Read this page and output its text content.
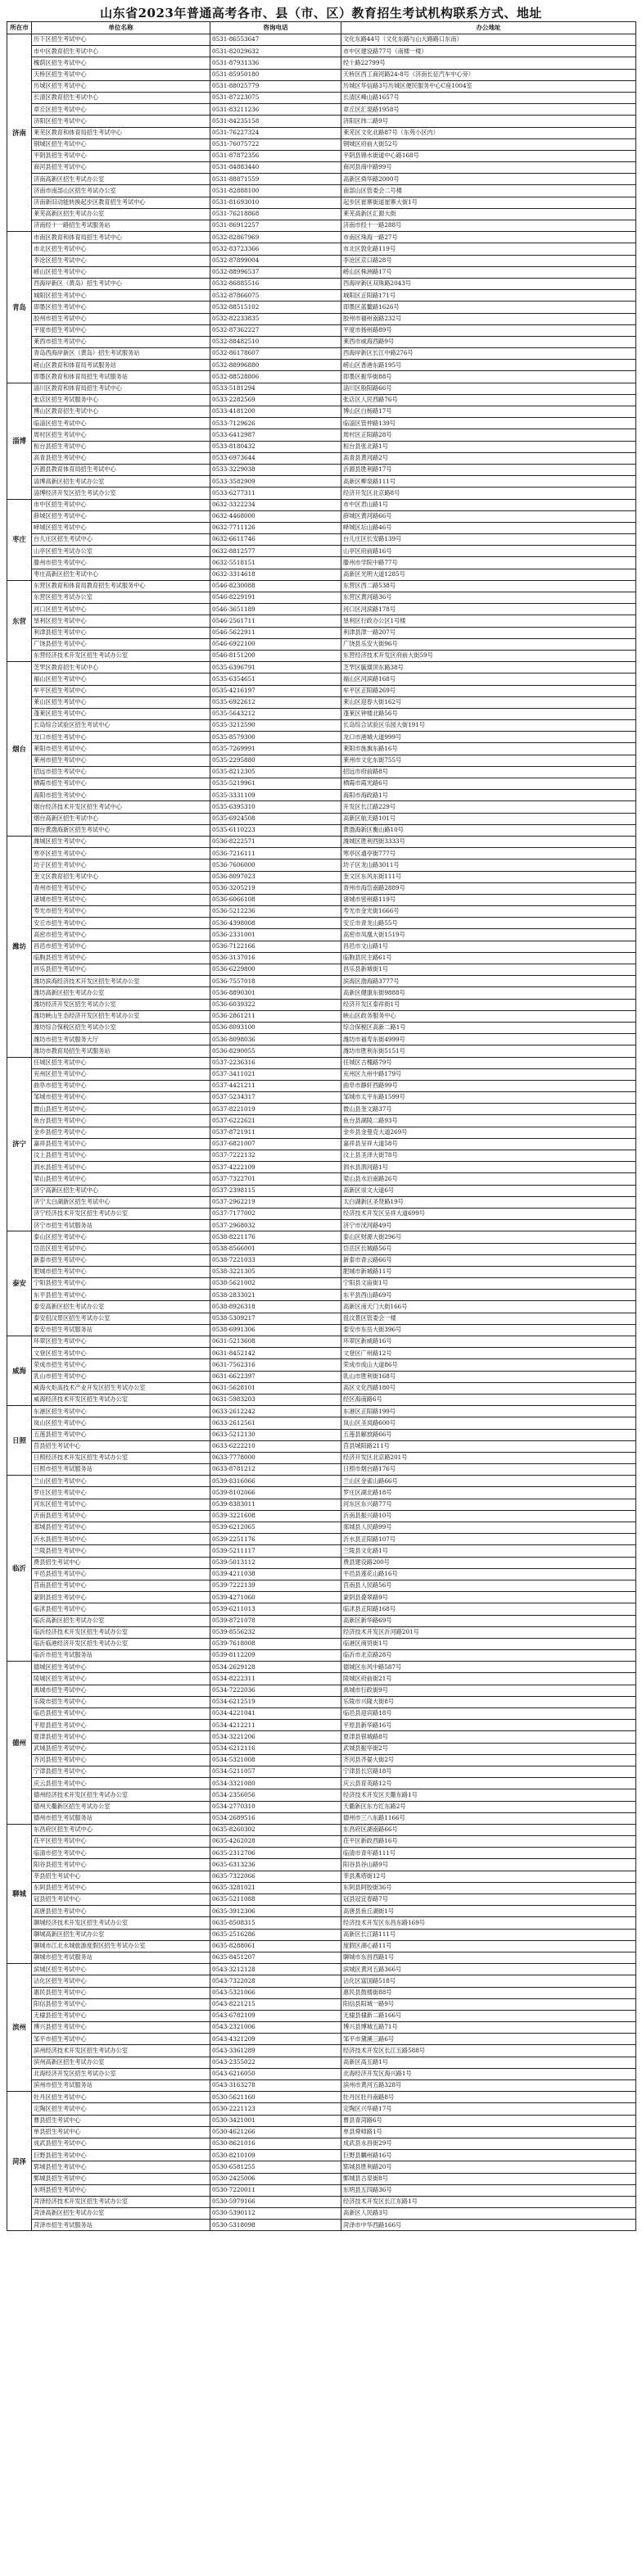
山东省2023年普通高考各市、县（市、区）教育招生考试机构联系方式、地址
所在市	单位名称	咨询电话	办公地址
济南	历下区招生考试中心	0531-86553647	文化东路44号（文化东路与山大路路口东南）
	市中区教育招生考试中心	0531-82029632	市中区建设路77号（南楼一楼）
	槐荫区招生考试中心	0531-87931336	经十路22799号
	天桥区招生考试中心	0531-85950180	天桥区西工商河路24-8号（济南长征汽车中心旁）
	历城区招生考试中心	0531-88025779	历城区华信路3号历城区便民服务中心C座1004室
	长清区教育招生考试中心	0531-87223075	长清区峰山路1657号
	章丘区招生考试中心	0531-83211236	章丘区汇泉路1958号
	济阳区招生考试中心	0531-84235158	济阳区纬二路9号
	莱芜区教育和体育局招生考试中心	0531-76227324	莱芜区文化北路87号（东苑小区内）
	钢城区招生考试中心	0531-76075722	钢城区府前大街52号
	平阴县招生考试中心	0531-87872356	平阴县锦水街道中心路168号
	商河县招生考试中心	0531-84883440	商河县商中路99号
	济南高新区招生考试办公室	0531-88871559	高新区舜华路2000号
	济南市南部山区招生考试办公室	0531-82888100	南部山区管委会二号楼
	济南新旧动能转换起步区教育招生考试中心	0531-81693010	起步区崔寨街道崔寨大街1号
	莱芜高新区招生考试办公室	0531-76218868	莱芜高新区汇源大街
	济南经十一路招生考试服务站	0531-86912257	济南市经十一路288号
青岛	市南区教育和体育局招生考试中心	0532-82867969	市南区珠海一路27号
	市北区招生考试中心	0532-83723366	市北区敦化路119号
	李沧区招生考试中心	0532-87899004	李沧区京口路28号
	崂山区招生考试中心	0532-88996537	崂山区株洲路17号
	西海岸新区（黄岛）招生考试中心	0532-86885516	西海岸新区双珠路2043号
	城阳区招生考试中心	0532-87866075	城阳区正阳路171号
	即墨区招生考试中心	0532-88515102	即墨区蓝鳌路1626号
	胶州市招生考试中心	0532-82233835	胶州市福州南路232号
	平度市招生考试中心	0532-87362227	平度市扬州路89号
	莱西市招生考试中心	0532-88482510	莱西市威海西路9号
	青岛西海岸新区（黄岛）招生考试服务站	0532-86178607	西海岸新区长江中路276号
	崂山区教育和体育局考试服务站	0532-88996880	崂山区香港东路195号
	即墨区教育和体育局招生考试服务站	0532-88528806	即墨区振华街88号
淄博	淄川区教育和体育局招生考试中心	0533-5181294	淄川区般阳路66号
	张店区招生考试服务中心	0533-2282569	张店区人民西路76号
	博山区教育招生考试中心	0533-4181200	博山区白杨路17号
	临淄区招生考试中心	0533-7129626	临淄区管仲路139号
	周村区招生考试中心	0533-6412987	周村区正阳路28号
	桓台县招生考试中心	0533-8180432	桓台县张北路1号
	高青县招生考试中心	0533-6973644	高青县黄河路2号
	沂源县教育体育局招生考试中心	0533-3229038	沂源县胜利路17号
	淄博高新区招生考试办公室	0533-3582909	高新区柳泉路111号
	淄博经济开发区招生考试办公室	0533-6277311	经济开发区北京路8号
枣庄	市中区招生考试中心	0632-3322234	市中区君山路1号
	薛城区招生考试中心	0632-4468000	薛城区黄河路66号
	峄城区招生考试中心	0632-7711126	峄城区坛山路46号
	台儿庄区招生考试中心	0632-6611746	台儿庄区长安路139号
	山亭区招生考试办公室	0632-8812577	山亭区府前路16号
	滕州市招生考试中心	0632-5518151	滕州市学院中路77号
	枣庄高新区招生考试中心	0632-3314618	高新区光明大道1285号
东营	东营区教育和体育局教育招生考试服务中心	0546-8230088	东营区西二路538号
	东营区招生考试办公室	0546-8229191	东营区黄河路36号
	河口区招生考试中心	0546-3651189	河口区河滨路178号
	垦利区招生考试中心	0546-2561711	垦利区行政办公区1号楼
	利津县招生考试中心	0546-5622911	利津县津一路207号
	广饶县招生考试中心	0546-6922100	广饶县乐安大街96号
	东营经济技术开发区招生考试办公室	0546-8151200	东营经济技术开发区府前大街59号
烟台	芝罘区教育招生考试中心	0535-6396791	芝罘区毓璜顶东路38号
	福山区招生考试中心	0535-6354651	福山区河滨路168号
	牟平区招生考试中心	0535-4216197	牟平区正阳路269号
	莱山区招生考试中心	0535-6922612	莱山区迎春大街162号
	蓬莱区招生考试中心	0535-5643212	蓬莱区钟楼北路56号
	长岛综合试验区招生考试中心	0535-3212590	长岛综合试验区乐园大街191号
	龙口市招生考试中心	0535-8579300	龙口市港城大道999号
	莱阳市招生考试中心	0535-7269991	莱阳市旌旗东路16号
	莱州市招生考试中心	0535-2295880	莱州市文化东街755号
	招远市招生考试中心	0535-8212305	招远市府前路8号
	栖霞市招生考试中心	0535-5219961	栖霞市霞光路6号
	海阳市招生考试中心	0535-3331109	海阳市海政路1号
	烟台经济技术开发区招生考试中心	0535-6395310	开发区长江路229号
	烟台高新区招生考试中心	0535-6924508	高新区航天路101号
	烟台黄渤海新区招生考试中心	0535-6110223	黄渤海新区衡山路10号
潍坊	潍城区招生考试中心	0536-8222571	潍城区胜利西街3333号
	寒亭区招生考试中心	0536-7216111	寒亭区通亭街777号
	坊子区招生考试中心	0536-7606000	坊子区龙山路3011号
	奎文区教育招生考试中心	0536-8097023	奎文区东风东街111号
	青州市招生考试中心	0536-3205219	青州市海岱南路2889号
	诸城市招生考试中心	0536-6066108	诸城市密州路119号
	寿光市招生考试中心	0536-5212236	寿光市金光街1666号
	安丘市招生考试中心	0536-4398008	安丘市青龙山路55号
	高密市招生考试中心	0536-2331001	高密市凤凰大街1519号
	昌邑市招生考试中心	0536-7122166	昌邑市文山路1号
	临朐县招生考试中心	0536-3137016	临朐县民主路61号
	昌乐县招生考试中心	0536-6229800	昌乐县新城街1号
	潍坊滨海经济技术开发区招生考试办公室	0536-7557018	滨海区渤海路3777号
	潍坊高新区招生考试办公室	0536-8890301	高新区健康东街9888号
	潍坊经济开发区招生考试办公室	0536-6039322	经济开发区泰祥街1号
	潍坊峡山生态经济开发区招生考试办公室	0536-2861211	峡山区政务服务中心
	潍坊综合保税区招生考试办公室	0536-8093100	综合保税区高新二路1号
	潍坊市招生考试服务大厅	0536-8098036	潍坊市福寿东街4999号
	潍坊市教育局招生考试服务站	0536-8290055	潍坊市胜利东街5151号
济宁	任城区招生考试中心	0537-2236316	任城区古槐路79号
	兖州区招生考试中心	0537-3411021	兖州区九州中路179号
	曲阜市招生考试中心	0537-4421211	曲阜市静轩西路99号
	邹城市招生考试中心	0537-5234317	邹城市太平东路1599号
	微山县招生考试中心	0537-8221019	微山县奎文路37号
	鱼台县招生考试中心	0537-6222621	鱼台县湖陵二路93号
	金乡县招生考试中心	0537-8721911	金乡县金曼克大道269号
	嘉祥县招生考试中心	0537-6821007	嘉祥县呈祥大道58号
	汶上县招生考试中心	0537-7222132	汶上县圣泽大街78号
	泗水县招生考试中心	0537-4222109	泗水县泗河路1号
	梁山县招生考试中心	0537-7322701	梁山县水泊南路26号
	济宁高新区招生考试中心	0537-2398115	高新区崇文大道6号
	济宁太白湖新区招生考试中心	0537-2962219	太白湖新区圣贤路19号
	济宁经济技术开发区招生考试办公室	0537-7177002	经济技术开发区呈祥大道699号
	济宁市招生考试服务站	0537-2968032	济宁市洸河路49号
泰安	泰山区招生考试中心	0538-8221176	泰山区财源大街296号
	岱岳区招生考试中心	0538-8566001	岱岳区长城路56号
	新泰市招生考试中心	0538-7221033	新泰市青云路66号
	肥城市招生考试中心	0538-3221305	肥城市新城路11号
	宁阳县招生考试中心	0538-5621002	宁阳县文庙街1号
	东平县招生考试中心	0538-2833021	东平县西山路69号
	泰安高新区招生考试办公室	0538-8926318	高新区南天门大街166号
	泰安徂汶景区招生考试办公室	0538-5309217	徂汶景区管委会一楼
	泰安市招生考试服务站	0538-6991306	泰安市东岳大街396号
威海	环翠区招生考试中心	0631-5213608	环翠区新威路16号
	文登区招生考试中心	0631-8452142	文登区广州路12号
	荣成市招生考试中心	0631-7562316	荣成市成山大道86号
	乳山市招生考试中心	0631-6622397	乳山市胜利街168号
	威海火炬高技术产业开发区招生考试办公室	0631-5628101	高区文化西路180号
	威海经济技术开发区招生考试办公室	0631-5983203	经区海南路6号
日照	东港区招生考试中心	0633-2612242	东港区正阳路199号
	岚山区招生考试中心	0633-2612561	岚山区圣岚路600号
	五莲县招生考试中心	0633-5212130	五莲县解放路66号
	莒县招生考试中心	0633-6222210	莒县城阳路211号
	日照经济技术开发区招生考试办公室	0633-7778000	经济开发区北京路201号
	日照市招生考试服务站	0633-8781212	日照市烟台路176号
临沂	兰山区招生考试中心	0539-8316066	兰山区金雀山路66号
	罗庄区招生考试中心	0539-8102066	罗庄区湖北路18号
	河东区招生考试中心	0539-8383011	河东区东兴路77号
	沂南县招生考试中心	0539-3221608	沂南县振兴路10号
	郯城县招生考试中心	0539-6212065	郯城县人民路99号
	沂水县招生考试中心	0539-2251176	沂水县正阳路107号
	兰陵县招生考试中心	0539-5211117	兰陵县文化路1号
	费县招生考试中心	0539-5013112	费县建设路200号
	平邑县招生考试中心	0539-4211038	平邑县莲花山路16号
	莒南县招生考试中心	0539-7222139	莒南县人民路56号
	蒙阴县招生考试中心	0539-4271060	蒙阴县叠翠路9号
	临沭县招生考试中心	0539-6211013	临沭县正阳路168号
	临沂高新区招生考试办公室	0539-8721078	高新区新华路69号
	临沂经济技术开发区招生考试办公室	0539-8556232	经济技术开发区沂河路201号
	临沂临港经济开发区招生考试办公室	0539-7618008	临港区商贸街1号
	临沂市招生考试服务站	0539-8112209	临沂市北京路28号
德州	德城区招生考试中心	0534-2629128	德城区东风中路587号
	陵城区招生考试中心	0534-8222311	陵城区府前街21号
	禹城市招生考试中心	0534-7222036	禹城市行政街9号
	乐陵市招生考试中心	0534-6212519	乐陵市兴隆大街8号
	临邑县招生考试中心	0534-4221041	临邑县迎宾路18号
	平原县招生考试中心	0534-4212211	平原县新华路16号
	夏津县招生考试中心	0534-3221206	夏津县银城路8号
	武城县招生考试中心	0534-6212116	武城县振华街2号
	齐河县招生考试中心	0534-5321008	齐河县齐晏大街2号
	宁津县招生考试中心	0534-5211057	宁津县长官路18号
	庆云县招生考试中心	0534-3321080	庆云县育英路12号
	德州经济技术开发区招生考试办公室	0534-2356056	经济技术开发区天衢东路1号
	德州天衢新区招生考试办公室	0534-2770310	天衢新区东方红东路2号
	德州市招生考试服务站	0534-2689516	德州市三八东路1166号
聊城	东昌府区招生考试中心	0635-8260302	东昌府区湖南路66号
	茌平区招生考试中心	0635-4262028	茌平区新政西路16号
	临清市招生考试中心	0635-2312706	临清市青年路111号
	阳谷县招生考试中心	0635-6313236	阳谷县谷山路9号
	莘县招生考试中心	0635-7322066	莘县燕塔街12号
	东阿县招生考试中心	0635-3281021	东阿县阿胶街36号
	冠县招生考试中心	0635-5211088	冠县冠宜春路7号
	高唐县招生考试中心	0635-3912306	高唐县鱼丘湖街1号
	聊城经济技术开发区招生考试办公室	0635-8508315	经济技术开发区东昌东路169号
	聊城高新区招生考试办公室	0635-2516286	高新区长江路111号
	聊城市江北水城旅游度假区招生考试办公室	0635-8288061	度假区湖心路11号
	聊城市招生考试服务站	0635-8451207	聊城市东昌西路1号
滨州	滨城区招生考试中心	0543-3212128	滨城区黄河五路366号
	沾化区招生考试中心	0543-7322028	沾化区富国路518号
	惠民县招生考试中心	0543-5321066	惠民县鼓楼街88号
	阳信县招生考试中心	0543-8221215	阳信县阳城一路9号
	无棣县招生考试中心	0543-6782109	无棣县棣新二路166号
	博兴县招生考试中心	0543-2321006	博兴县博城五路71号
	邹平市招生考试中心	0543-4321209	邹平市黛溪三路6号
	滨州经济技术开发区招生考试办公室	0543-3361289	经济技术开发区长江五路588号
	滨州高新区招生考试办公室	0543-2355022	高新区高五路1号
	北海经济开发区招生考试办公室	0543-6216050	北海经济开发区海兴路1号
	滨州市招生考试服务站	0543-3163278	滨州市黄河五路328号
菏泽	牡丹区招生考试中心	0530-5621160	牡丹区牡丹南路8号
	定陶区招生考试中心	0530-2221123	定陶区兴华路17号
	曹县招生考试中心	0530-3421001	曹县青菏路6号
	单县招生考试中心	0530-4621266	单县舜师路1号
	成武县招生考试中心	0530-8621016	成武县永昌街29号
	巨野县招生考试中心	0530-8210109	巨野县麟州路16号
	郓城县招生考试中心	0530-6581255	郓城县胜利路20号
	鄄城县招生考试中心	0530-2425006	鄄城县古泉街8号
	东明县招生考试中心	0530-7220011	东明县五四路36号
	菏泽经济技术开发区招生考试办公室	0530-5979166	经济技术开发区长江东路1号
	菏泽高新区招生考试办公室	0530-5390112	高新区人民路3号
	菏泽市招生考试服务站	0530-5318098	菏泽市中华西路166号
